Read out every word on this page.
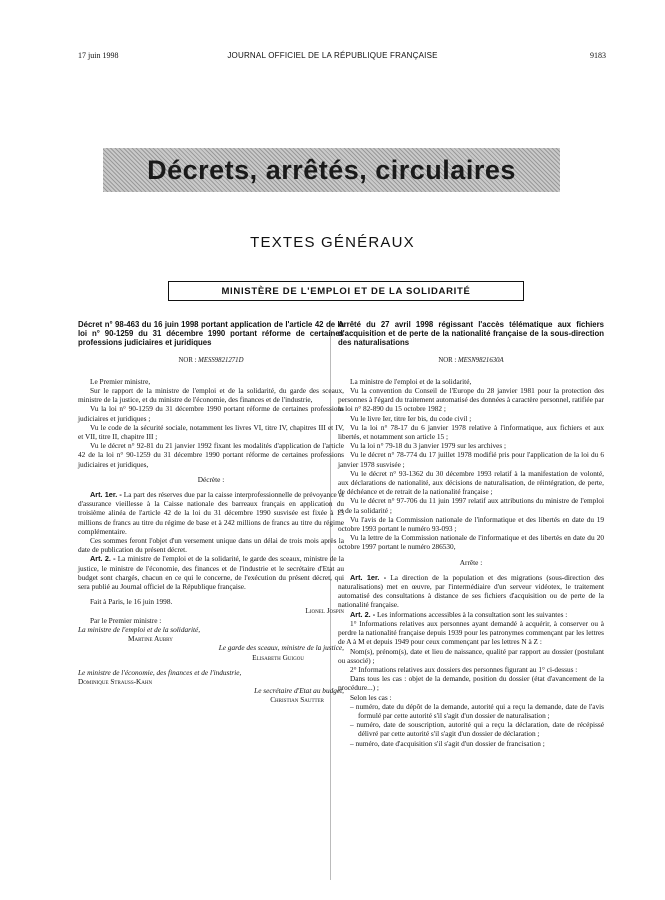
17 juin 1998	JOURNAL OFFICIEL DE LA RÉPUBLIQUE FRANÇAISE	9183
Décrets, arrêtés, circulaires
TEXTES GÉNÉRAUX
MINISTÈRE DE L'EMPLOI ET DE LA SOLIDARITÉ
Décret n° 98-463 du 16 juin 1998 portant application de l'article 42 de la loi n° 90-1259 du 31 décembre 1990 portant réforme de certaines professions judiciaires et juridiques
NOR : MESS9821271D

Le Premier ministre,

Sur le rapport de la ministre de l'emploi et de la solidarité, du garde des sceaux, ministre de la justice, et du ministre de l'économie, des finances et de l'industrie,

Vu la loi n° 90-1259 du 31 décembre 1990 portant réforme de certaines professions judiciaires et juridiques ;

Vu le code de la sécurité sociale, notamment les livres VI, titre IV, chapitres III et IV, et VII, titre II, chapitre III ;

Vu le décret n° 92-81 du 21 janvier 1992 fixant les modalités d'application de l'article 42 de la loi n° 90-1259 du 31 décembre 1990 portant réforme de certaines professions judiciaires et juridiques,

Décrète :

Art. 1er. - La part des réserves due par la caisse interprofessionnelle de prévoyance et d'assurance vieillesse à la Caisse nationale des barreaux français en application du troisième alinéa de l'article 42 de la loi du 31 décembre 1990 susvisée est fixée à 13 millions de francs au titre du régime de base et à 242 millions de francs au titre du régime complémentaire.

Ces sommes feront l'objet d'un versement unique dans un délai de trois mois après la date de publication du présent décret.

Art. 2. - La ministre de l'emploi et de la solidarité, le garde des sceaux, ministre de la justice, le ministre de l'économie, des finances et de l'industrie et le secrétaire d'Etat au budget sont chargés, chacun en ce qui le concerne, de l'exécution du présent décret, qui sera publié au Journal officiel de la République française.

Fait à Paris, le 16 juin 1998.

Lionel Jospin

Par le Premier ministre :

La ministre de l'emploi et de la solidarité,

Martine Aubry

Le garde des sceaux, ministre de la justice,

Elisabeth Guigou

Le ministre de l'économie, des finances et de l'industrie,

Dominique Strauss-Kahn

Le secrétaire d'Etat au budget,

Christian Sautter

Arrêté du 27 avril 1998 régissant l'accès télématique aux fichiers d'acquisition et de perte de la nationalité française de la sous-direction des naturalisations
NOR : MESN9821630A

La ministre de l'emploi et de la solidarité,

Vu la convention du Conseil de l'Europe du 28 janvier 1981 pour la protection des personnes à l'égard du traitement automatisé des données à caractère personnel, ratifiée par la loi n° 82-890 du 15 octobre 1982 ;

Vu le livre Ier, titre Ier bis, du code civil ;

Vu la loi n° 78-17 du 6 janvier 1978 relative à l'informatique, aux fichiers et aux libertés, et notamment son article 15 ;

Vu la loi n° 79-18 du 3 janvier 1979 sur les archives ;

Vu le décret n° 78-774 du 17 juillet 1978 modifié pris pour l'application de la loi du 6 janvier 1978 susvisée ;

Vu le décret n° 93-1362 du 30 décembre 1993 relatif à la manifestation de volonté, aux déclarations de nationalité, aux décisions de naturalisation, de réintégration, de perte, de déchéance et de retrait de la nationalité française ;

Vu le décret n° 97-706 du 11 juin 1997 relatif aux attributions du ministre de l'emploi et de la solidarité ;

Vu l'avis de la Commission nationale de l'informatique et des libertés en date du 19 octobre 1993 portant le numéro 93-093 ;

Vu la lettre de la Commission nationale de l'informatique et des libertés en date du 20 octobre 1997 portant le numéro 286530,

Arrête :

Art. 1er. - La direction de la population et des migrations (sous-direction des naturalisations) met en œuvre, par l'intermédiaire d'un serveur vidéotex, le traitement automatisé des consultations à distance de ses fichiers d'acquisition ou de perte de la nationalité française.

Art. 2. - Les informations accessibles à la consultation sont les suivantes :

1° Informations relatives aux personnes ayant demandé à acquérir, à conserver ou à perdre la nationalité française depuis 1939 pour les patronymes commençant par les lettres de A à M et depuis 1949 pour ceux commençant par les lettres N à Z :

Nom(s), prénom(s), date et lieu de naissance, qualité par rapport au dossier (postulant ou associé) ;

2° Informations relatives aux dossiers des personnes figurant au 1° ci-dessus :

Dans tous les cas : objet de la demande, position du dossier (état d'avancement de la procédure...) ;

Selon les cas :

– numéro, date du dépôt de la demande, autorité qui a reçu la demande, date de l'avis formulé par cette autorité s'il s'agit d'un dossier de naturalisation ;

– numéro, date de souscription, autorité qui a reçu la déclaration, date de récépissé délivré par cette autorité s'il s'agit d'un dossier de déclaration ;

– numéro, date d'acquisition s'il s'agit d'un dossier de francisation ;
